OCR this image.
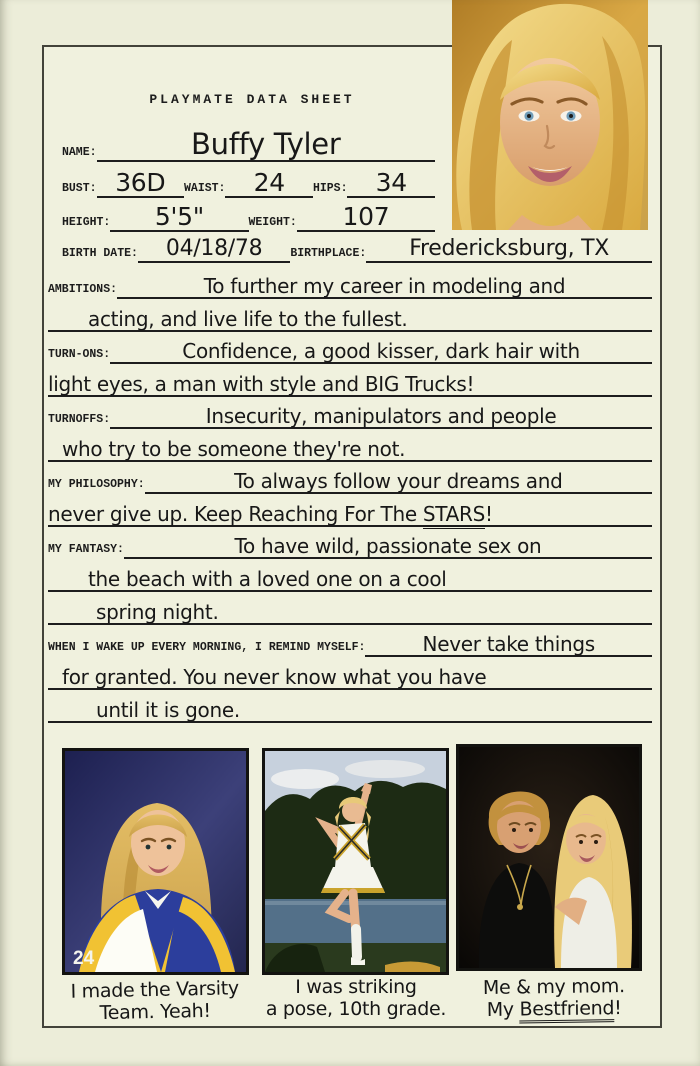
PLAYMATE DATA SHEET
NAME:	Buffy Tyler
BUST: 36D	WAIST:	24	HIPS:	34
HEIGHT:	5'5"	WEIGHT:	107
BIRTH DATE:	04/18/78	BIRTHPLACE:	Fredericksburg, TX
AMBITIONS:	To further my career in modeling and
acting, and live life to the fullest.
TURN-ONS:	Confidence, a good kisser, dark hair with
light eyes, a man with style and BIG Trucks!
TURNOFFS:	Insecurity, manipulators and people
who try to be someone they're not.
MY PHILOSOPHY:	To always follow your dreams and
never give up. Keep Reaching For The STARS!
MY FANTASY:	To have wild, passionate sex on
the beach with a loved one on a cool
spring night.
WHEN I WAKE UP EVERY MORNING, I REMIND MYSELF:	Never take things
for granted. You never know what you have
until it is gone.
24
I made the Varsity
Team. Yeah!
I was striking
a pose, 10th grade.
Me & my mom.
My Bestfriend!
